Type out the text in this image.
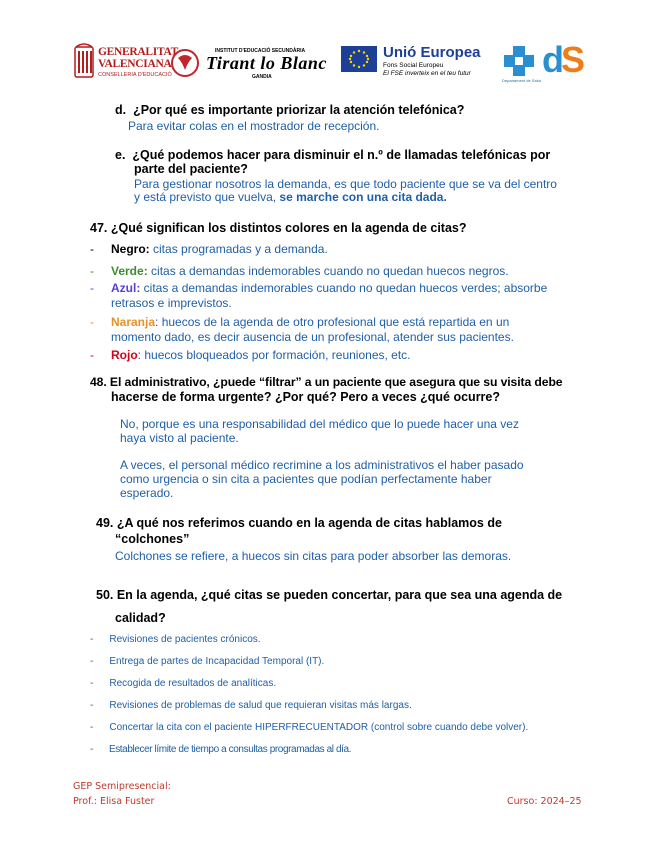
GENERALITAT
VALENCIANA
CONSELLERIA D'EDUCACIÓ
INSTITUT D'EDUCACIÓ SECUNDÀRIA
Tirant lo Blanc
GANDIA
Unió Europea
Fons Social Europeu
El FSE inverteix en el teu futur
Departament de Salut
dS
d. ¿Por qué es importante priorizar la atención telefónica?
Para evitar colas en el mostrador de recepción.
e. ¿Qué podemos hacer para disminuir el n.º de llamadas telefónicas por
parte del paciente?
Para gestionar nosotros la demanda, es que todo paciente que se va del centro
y está previsto que vuelva, se marche con una cita dada.
47. ¿Qué significan los distintos colores en la agenda de citas?
- Negro: citas programadas y a demanda.
- Verde: citas a demandas indemorables cuando no quedan huecos negros.
- Azul: citas a demandas indemorables cuando no quedan huecos verdes; absorbe
retrasos e imprevistos.
- Naranja: huecos de la agenda de otro profesional que está repartida en un
momento dado, es decir ausencia de un profesional, atender sus pacientes.
- Rojo: huecos bloqueados por formación, reuniones, etc.
48. El administrativo, ¿puede “filtrar” a un paciente que asegura que su visita debe
hacerse de forma urgente? ¿Por qué? Pero a veces ¿qué ocurre?
No, porque es una responsabilidad del médico que lo puede hacer una vez
haya visto al paciente.
A veces, el personal médico recrimine a los administrativos el haber pasado
como urgencia o sin cita a pacientes que podían perfectamente haber
esperado.
49. ¿A qué nos referimos cuando en la agenda de citas hablamos de
“colchones”
Colchones se refiere, a huecos sin citas para poder absorber las demoras.
50. En la agenda, ¿qué citas se pueden concertar, para que sea una agenda de
calidad?
- Revisiones de pacientes crónicos.
- Entrega de partes de Incapacidad Temporal (IT).
- Recogida de resultados de analíticas.
- Revisiones de problemas de salud que requieran visitas más largas.
- Concertar la cita con el paciente HIPERFRECUENTADOR (control sobre cuando debe volver).
- Establecer límite de tiempo a consultas programadas al día.
GEP Semipresencial:
Prof.: Elisa Fuster	Curso: 2024–25
